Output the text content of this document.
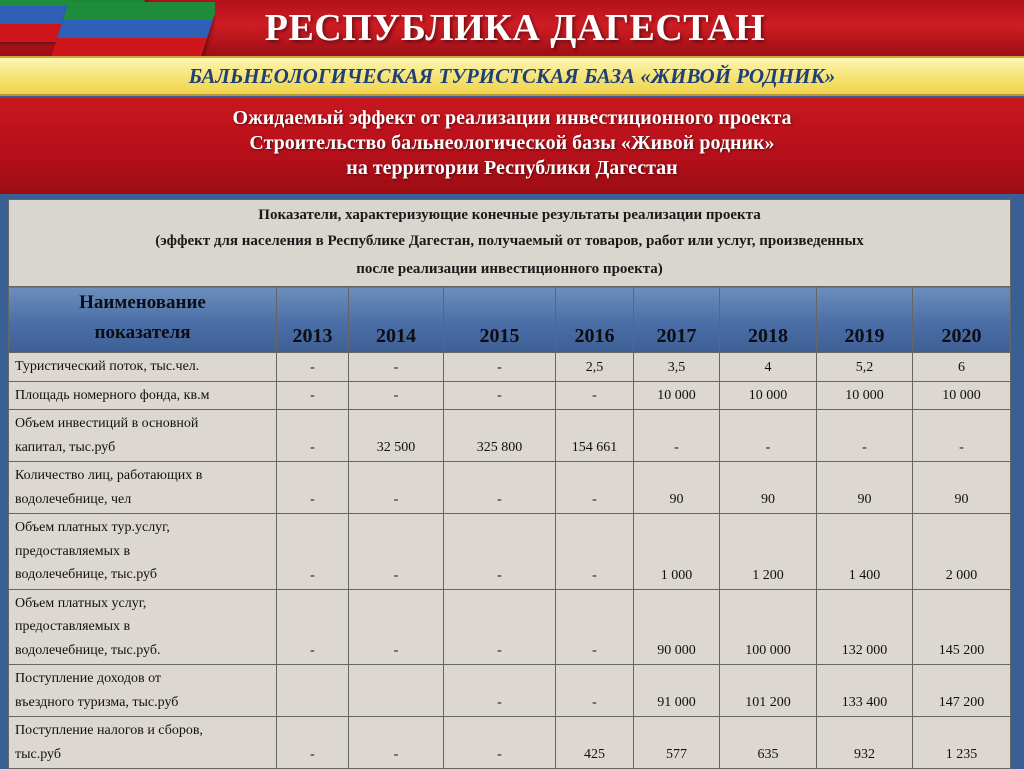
РЕСПУБЛИКА ДАГЕСТАН
БАЛЬНЕОЛОГИЧЕСКАЯ ТУРИСТСКАЯ БАЗА «ЖИВОЙ РОДНИК»
Ожидаемый эффект от реализации инвестиционного проекта
Строительство бальнеологической базы «Живой родник»
на территории Республики Дагестан
Показатели, характеризующие конечные результаты реализации проекта
(эффект для населения в Республике Дагестан, получаемый от товаров, работ или услуг, произведенных
после реализации инвестиционного проекта)								

Наименование
показателя	2013	2014	2015	2016	2017	2018	2019	2020

Туристический поток, тыс.чел.	-	-	-	2,5	3,5	4	5,2	6

Площадь номерного фонда, кв.м	-	-	-	-	10 000	10 000	10 000	10 000

Объем инвестиций в основной
капитал, тыс.руб	-	32 500	325 800	154 661	-	-	-	-

Количество лиц, работающих в
водолечебнице, чел	-	-	-	-	90	90	90	90

Объем платных тур.услуг,
предоставляемых в
водолечебнице, тыс.руб	-	-	-	-	1 000	1 200	1 400	2 000

Объем платных услуг,
предоставляемых в
водолечебнице, тыс.руб.	-	-	-	-	90 000	100 000	132 000	145 200

Поступление доходов от
въездного туризма, тыс.руб			-	-	91 000	101 200	133 400	147 200

Поступление налогов и сборов,
тыс.руб	-	-	-	425	577	635	932	1 235
